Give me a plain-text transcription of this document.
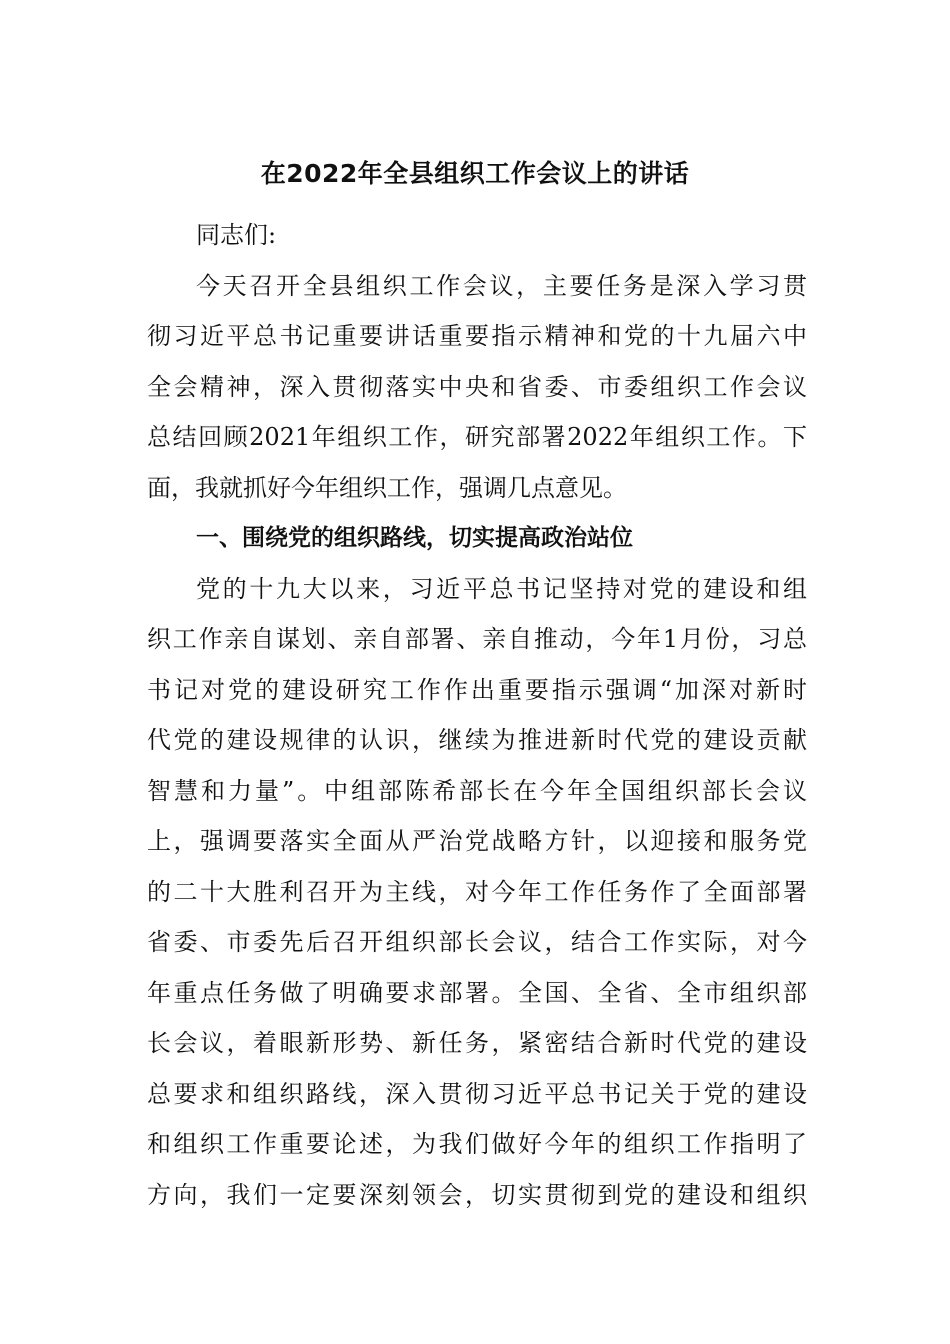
在2022年全县组织工作会议上的讲话
同志们:
今天召开全县组织工作会议，主要任务是深入学习贯
彻习近平总书记重要讲话重要指示精神和党的十九届六中
全会精神，深入贯彻落实中央和省委、市委组织工作会议
总结回顾2021年组织工作，研究部署2022年组织工作。下
面，我就抓好今年组织工作，强调几点意见。
一、围绕党的组织路线，切实提高政治站位
党的十九大以来，习近平总书记坚持对党的建设和组
织工作亲自谋划、亲自部署、亲自推动，今年1月份，习总
书记对党的建设研究工作作出重要指示强调“加深对新时
代党的建设规律的认识，继续为推进新时代党的建设贡献
智慧和力量”。中组部陈希部长在今年全国组织部长会议
上，强调要落实全面从严治党战略方针，以迎接和服务党
的二十大胜利召开为主线，对今年工作任务作了全面部署
省委、市委先后召开组织部长会议，结合工作实际，对今
年重点任务做了明确要求部署。全国、全省、全市组织部
长会议，着眼新形势、新任务，紧密结合新时代党的建设
总要求和组织路线，深入贯彻习近平总书记关于党的建设
和组织工作重要论述，为我们做好今年的组织工作指明了
方向，我们一定要深刻领会，切实贯彻到党的建设和组织
